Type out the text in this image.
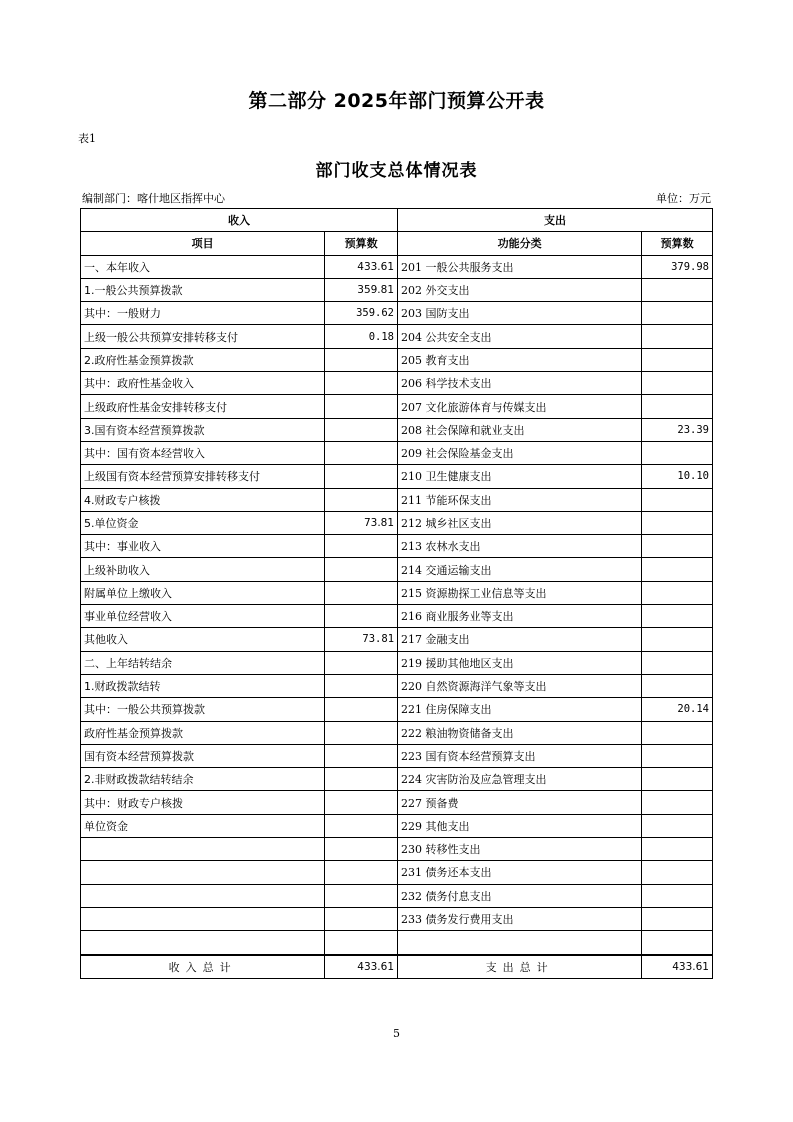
第二部分 2025年部门预算公开表
表1
部门收支总体情况表
编制部门：喀什地区指挥中心	单位：万元
收入		支出	
项目	预算数	功能分类	预算数
一、本年收入	433.61	201 一般公共服务支出	379.98
1.一般公共预算拨款	359.81	202 外交支出	
其中：一般财力	359.62	203 国防支出	
上级一般公共预算安排转移支付	0.18	204 公共安全支出	
2.政府性基金预算拨款		205 教育支出	
其中：政府性基金收入		206 科学技术支出	
上级政府性基金安排转移支付		207 文化旅游体育与传媒支出	
3.国有资本经营预算拨款		208 社会保障和就业支出	23.39
其中：国有资本经营收入		209 社会保险基金支出	
上级国有资本经营预算安排转移支付		210 卫生健康支出	10.10
4.财政专户核拨		211 节能环保支出	
5.单位资金	73.81	212 城乡社区支出	
其中：事业收入		213 农林水支出	
上级补助收入		214 交通运输支出	
附属单位上缴收入		215 资源勘探工业信息等支出	
事业单位经营收入		216 商业服务业等支出	
其他收入	73.81	217 金融支出	
二、上年结转结余		219 援助其他地区支出	
1.财政拨款结转		220 自然资源海洋气象等支出	
其中：一般公共预算拨款		221 住房保障支出	20.14
政府性基金预算拨款		222 粮油物资储备支出	
国有资本经营预算拨款		223 国有资本经营预算支出	
2.非财政拨款结转结余		224 灾害防治及应急管理支出	
其中：财政专户核拨		227 预备费	
单位资金		229 其他支出	
		230 转移性支出	
		231 债务还本支出	
		232 债务付息支出	
		233 债务发行费用支出	

收入总计	433.61	支出总计	433.61
5
